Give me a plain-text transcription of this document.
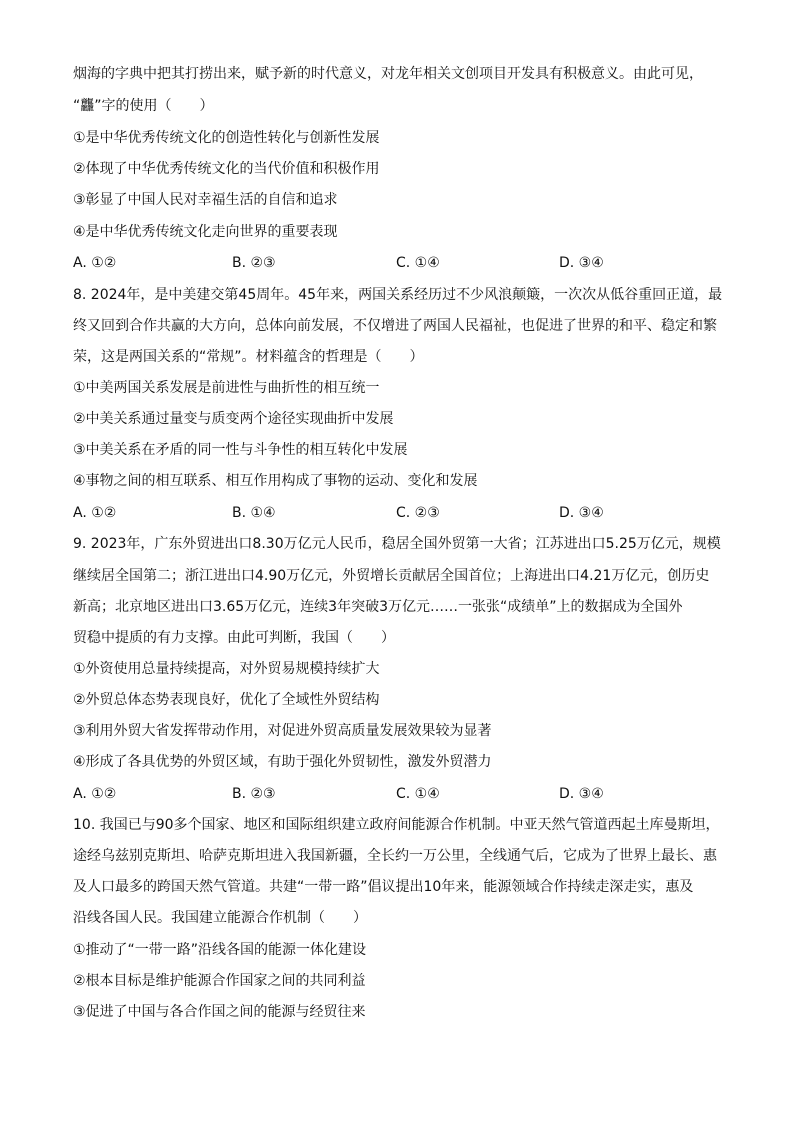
烟海的字典中把其打捞出来，赋予新的时代意义，对龙年相关文创项目开发具有积极意义。由此可见，
“龘”字的使用（　　）
①是中华优秀传统文化的创造性转化与创新性发展
②体现了中华优秀传统文化的当代价值和积极作用
③彰显了中国人民对幸福生活的自信和追求
④是中华优秀传统文化走向世界的重要表现
A. ①②	B. ②③	C. ①④	D. ③④
8. 2024年，是中美建交第45周年。45年来，两国关系经历过不少风浪颠簸，一次次从低谷重回正道，最
终又回到合作共赢的大方向，总体向前发展，不仅增进了两国人民福祉，也促进了世界的和平、稳定和繁
荣，这是两国关系的“常规”。材料蕴含的哲理是（　　）
①中美两国关系发展是前进性与曲折性的相互统一
②中美关系通过量变与质变两个途径实现曲折中发展
③中美关系在矛盾的同一性与斗争性的相互转化中发展
④事物之间的相互联系、相互作用构成了事物的运动、变化和发展
A. ①②	B. ①④	C. ②③	D. ③④
9. 2023年，广东外贸进出口8.30万亿元人民币，稳居全国外贸第一大省；江苏进出口5.25万亿元，规模
继续居全国第二；浙江进出口4.90万亿元，外贸增长贡献居全国首位；上海进出口4.21万亿元，创历史
新高；北京地区进出口3.65万亿元，连续3年突破3万亿元……一张张“成绩单”上的数据成为全国外
贸稳中提质的有力支撑。由此可判断，我国（　　）
①外资使用总量持续提高，对外贸易规模持续扩大
②外贸总体态势表现良好，优化了全域性外贸结构
③利用外贸大省发挥带动作用，对促进外贸高质量发展效果较为显著
④形成了各具优势的外贸区域，有助于强化外贸韧性，激发外贸潜力
A. ①②	B. ②③	C. ①④	D. ③④
10. 我国已与90多个国家、地区和国际组织建立政府间能源合作机制。中亚天然气管道西起土库曼斯坦，
途经乌兹别克斯坦、哈萨克斯坦进入我国新疆，全长约一万公里，全线通气后，它成为了世界上最长、惠
及人口最多的跨国天然气管道。共建“一带一路”倡议提出10年来，能源领域合作持续走深走实，惠及
沿线各国人民。我国建立能源合作机制（　　）
①推动了“一带一路”沿线各国的能源一体化建设
②根本目标是维护能源合作国家之间的共同利益
③促进了中国与各合作国之间的能源与经贸往来
